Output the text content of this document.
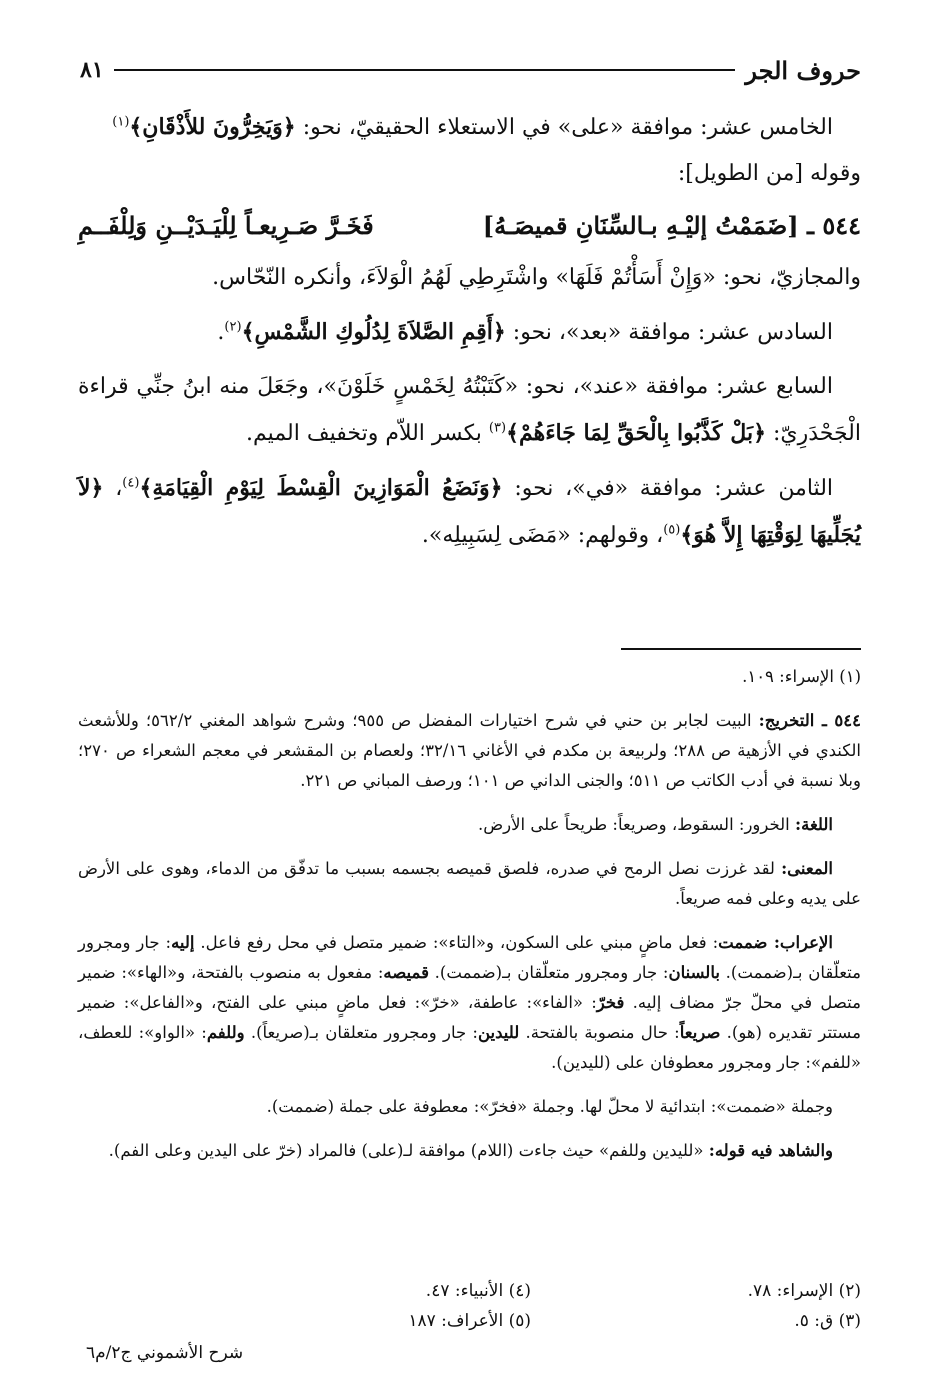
حروف الجر
٨١

الخامس عشر: موافقة «على» في الاستعلاء الحقيقيّ، نحو: ﴿وَيَخِرُّونَ للأَذْقَانِ﴾$^{(١)}$

وقوله [من الطويل]:

٥٤٤ ـ [ضَمَمْتُ إليْـهِ بـالسِّنَانِ قميصَـهُ]
فَخَـرَّ صَـرِيعـاً لِلْيَـدَيْــنِ وَلِلْفَــمِ

والمجازيّ، نحو: «وَإِنْ أَسَأْتُمْ فَلَهَا» واشْتَرِطِي لَهُمُ الْوَلاَءَ، وأنكره النّحّاس.

السادس عشر: موافقة «بعد»، نحو: ﴿أَقِمِ الصَّلاَةَ لِدُلُوكِ الشَّمْسِ﴾$^{(٢)}$.

السابع عشر: موافقة «عند»، نحو: «كَتَبْتُهُ لِخَمْسٍ خَلَوْنَ»، وجَعَلَ منه ابنُ جنِّي قراءة الْجَحْدَرِيّ: ﴿بَلْ كَذَّبُوا بِالْحَقِّ لِمَا جَاءَهُمْ﴾$^{(٣)}$ بكسر اللاّم وتخفيف الميم.

الثامن عشر: موافقة «في»، نحو: ﴿وَنَضَعُ الْمَوَازِينَ الْقِسْطَ لِيَوْمِ الْقِيَامَةِ﴾$^{(٤)}$، ﴿لاَ يُجَلِّيهَا لِوَقْتِهَا إِلاَّ هُوَ﴾$^{(٥)}$، وقولهم: «مَضَى لِسَبِيلِه».

(١) الإسراء: ١٠٩.

٥٤٤ ـ التخريج: البيت لجابر بن حني في شرح اختيارات المفضل ص ٩٥٥؛ وشرح شواهد المغني ٥٦٢/٢؛ وللأشعث الكندي في الأزهية ص ٢٨٨؛ ولربيعة بن مكدم في الأغاني ٣٢/١٦؛ ولعصام بن المقشعر في معجم الشعراء ص ٢٧٠؛ وبلا نسبة في أدب الكاتب ص ٥١١؛ والجنى الداني ص ١٠١؛ ورصف المباني ص ٢٢١.

اللغة: الخرور: السقوط، وصريعاً: طريحاً على الأرض.

المعنى: لقد غرزت نصل الرمح في صدره، فلصق قميصه بجسمه بسبب ما تدفّق من الدماء، وهوى على الأرض على يديه وعلى فمه صريعاً.

الإعراب: ضممت: فعل ماضٍ مبني على السكون، و«التاء»: ضمير متصل في محل رفع فاعل. إليه: جار ومجرور متعلّقان بـ(ضممت). بالسنان: جار ومجرور متعلّقان بـ(ضممت). قميصه: مفعول به منصوب بالفتحة، و«الهاء»: ضمير متصل في محلّ جرّ مضاف إليه. فخرّ: «الفاء»: عاطفة، «خرّ»: فعل ماضٍ مبني على الفتح، و«الفاعل»: ضمير مستتر تقديره (هو). صريعاً: حال منصوبة بالفتحة. لليدين: جار ومجرور متعلقان بـ(صريعاً). وللفم: «الواو»: للعطف، «للفم»: جار ومجرور معطوفان على (لليدين).

وجملة «ضممت»: ابتدائية لا محلّ لها. وجملة «فخرّ»: معطوفة على جملة (ضممت).

والشاهد فيه قوله: «لليدين وللفم» حيث جاءت (اللام) موافقة لـ(على) فالمراد (خرّ على اليدين وعلى الفم).

(٢) الإسراء: ٧٨.
(٤) الأنبياء: ٤٧.
(٣) ق: ٥.
(٥) الأعراف: ١٨٧
شرح الأشموني ج٢/م٦
